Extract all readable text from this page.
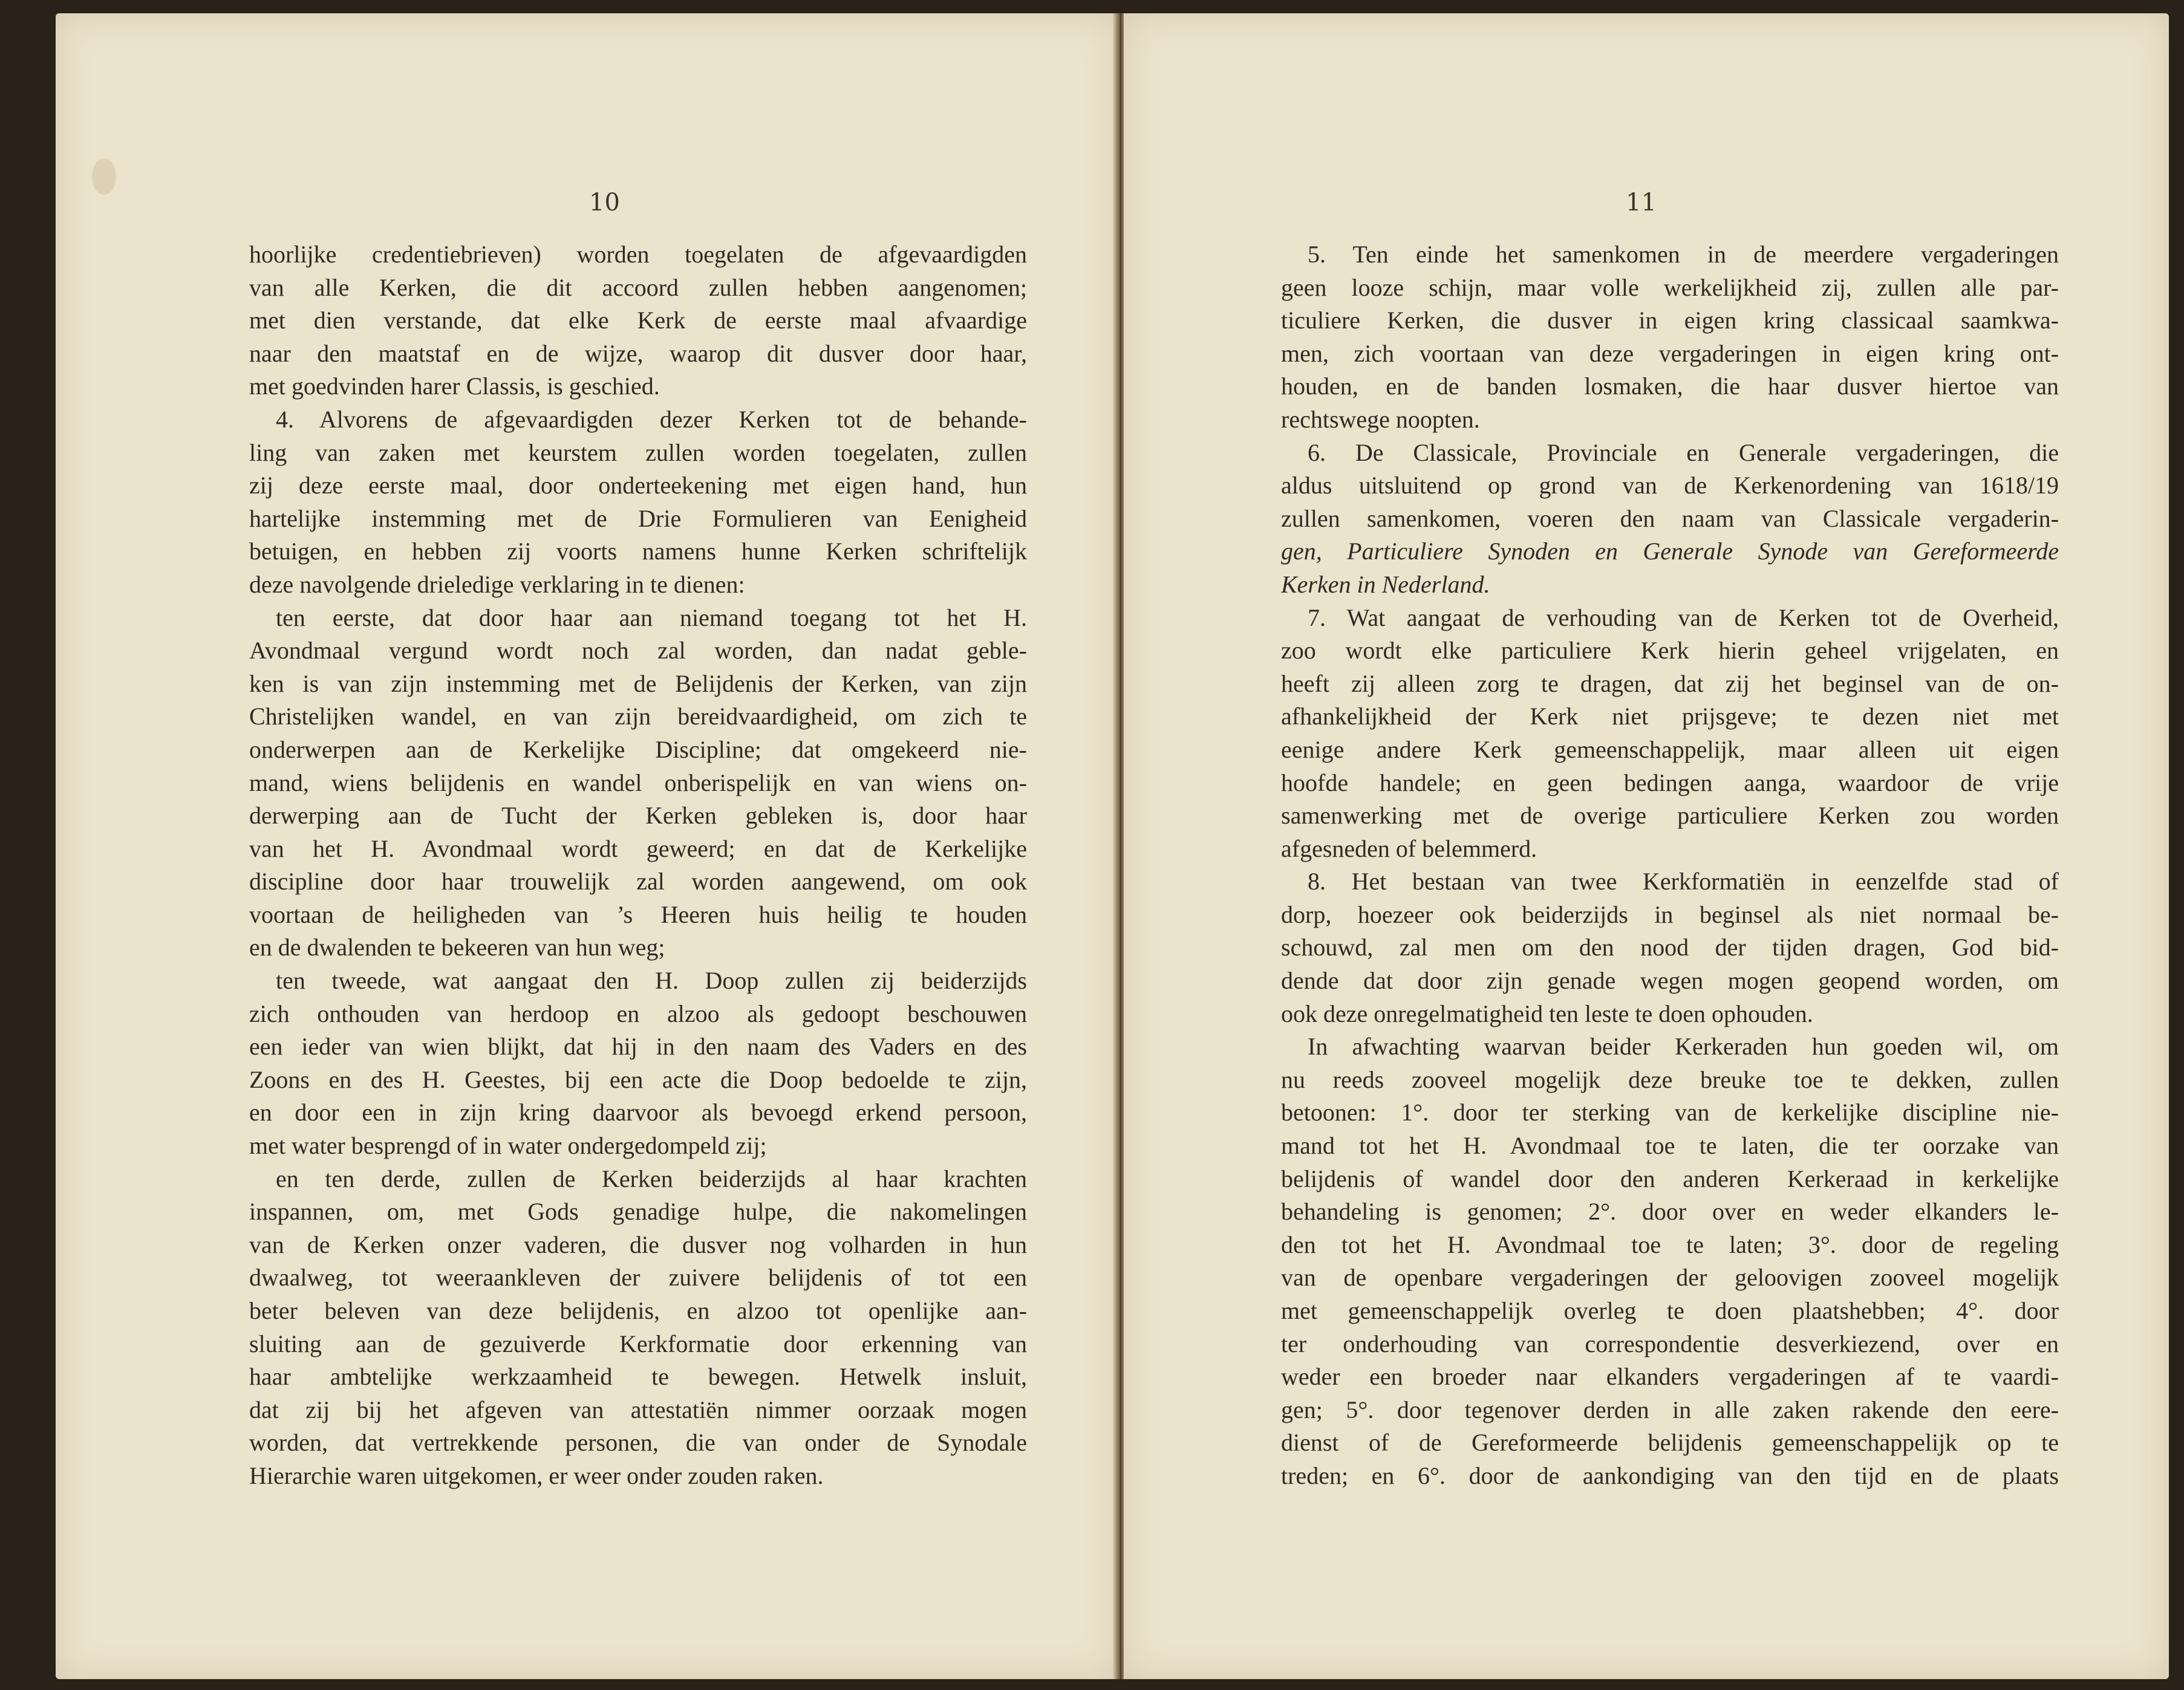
10
hoorlijke credentiebrieven) worden toegelaten de afgevaardigden
van alle Kerken, die dit accoord zullen hebben aangenomen;
met dien verstande, dat elke Kerk de eerste maal afvaardige
naar den maatstaf en de wijze, waarop dit dusver door haar,
met goedvinden harer Classis, is geschied.
4. Alvorens de afgevaardigden dezer Kerken tot de behande-
ling van zaken met keurstem zullen worden toegelaten, zullen
zij deze eerste maal, door onderteekening met eigen hand, hun
hartelijke instemming met de Drie Formulieren van Eenigheid
betuigen, en hebben zij voorts namens hunne Kerken schriftelijk
deze navolgende drieledige verklaring in te dienen:
ten eerste, dat door haar aan niemand toegang tot het H.
Avondmaal vergund wordt noch zal worden, dan nadat geble-
ken is van zijn instemming met de Belijdenis der Kerken, van zijn
Christelijken wandel, en van zijn bereidvaardigheid, om zich te
onderwerpen aan de Kerkelijke Discipline; dat omgekeerd nie-
mand, wiens belijdenis en wandel onberispelijk en van wiens on-
derwerping aan de Tucht der Kerken gebleken is, door haar
van het H. Avondmaal wordt geweerd; en dat de Kerkelijke
discipline door haar trouwelijk zal worden aangewend, om ook
voortaan de heiligheden van ’s Heeren huis heilig te houden
en de dwalenden te bekeeren van hun weg;
ten tweede, wat aangaat den H. Doop zullen zij beiderzijds
zich onthouden van herdoop en alzoo als gedoopt beschouwen
een ieder van wien blijkt, dat hij in den naam des Vaders en des
Zoons en des H. Geestes, bij een acte die Doop bedoelde te zijn,
en door een in zijn kring daarvoor als bevoegd erkend persoon,
met water besprengd of in water ondergedompeld zij;
en ten derde, zullen de Kerken beiderzijds al haar krachten
inspannen, om, met Gods genadige hulpe, die nakomelingen
van de Kerken onzer vaderen, die dusver nog volharden in hun
dwaalweg, tot weeraankleven der zuivere belijdenis of tot een
beter beleven van deze belijdenis, en alzoo tot openlijke aan-
sluiting aan de gezuiverde Kerkformatie door erkenning van
haar ambtelijke werkzaamheid te bewegen. Hetwelk insluit,
dat zij bij het afgeven van attestatiën nimmer oorzaak mogen
worden, dat vertrekkende personen, die van onder de Synodale
Hierarchie waren uitgekomen, er weer onder zouden raken.
11
5. Ten einde het samenkomen in de meerdere vergaderingen
geen looze schijn, maar volle werkelijkheid zij, zullen alle par-
ticuliere Kerken, die dusver in eigen kring classicaal saamkwa-
men, zich voortaan van deze vergaderingen in eigen kring ont-
houden, en de banden losmaken, die haar dusver hiertoe van
rechtswege noopten.
6. De Classicale, Provinciale en Generale vergaderingen, die
aldus uitsluitend op grond van de Kerkenordening van 1618/19
zullen samenkomen, voeren den naam van Classicale vergaderin-
gen, Particuliere Synoden en Generale Synode van Gereformeerde
Kerken in Nederland.
7. Wat aangaat de verhouding van de Kerken tot de Overheid,
zoo wordt elke particuliere Kerk hierin geheel vrijgelaten, en
heeft zij alleen zorg te dragen, dat zij het beginsel van de on-
afhankelijkheid der Kerk niet prijsgeve; te dezen niet met
eenige andere Kerk gemeenschappelijk, maar alleen uit eigen
hoofde handele; en geen bedingen aanga, waardoor de vrije
samenwerking met de overige particuliere Kerken zou worden
afgesneden of belemmerd.
8. Het bestaan van twee Kerkformatiën in eenzelfde stad of
dorp, hoezeer ook beiderzijds in beginsel als niet normaal be-
schouwd, zal men om den nood der tijden dragen, God bid-
dende dat door zijn genade wegen mogen geopend worden, om
ook deze onregelmatigheid ten leste te doen ophouden.
In afwachting waarvan beider Kerkeraden hun goeden wil, om
nu reeds zooveel mogelijk deze breuke toe te dekken, zullen
betoonen: 1°. door ter sterking van de kerkelijke discipline nie-
mand tot het H. Avondmaal toe te laten, die ter oorzake van
belijdenis of wandel door den anderen Kerkeraad in kerkelijke
behandeling is genomen; 2°. door over en weder elkanders le-
den tot het H. Avondmaal toe te laten; 3°. door de regeling
van de openbare vergaderingen der geloovigen zooveel mogelijk
met gemeenschappelijk overleg te doen plaatshebben; 4°. door
ter onderhouding van correspondentie desverkiezend, over en
weder een broeder naar elkanders vergaderingen af te vaardi-
gen; 5°. door tegenover derden in alle zaken rakende den eere-
dienst of de Gereformeerde belijdenis gemeenschappelijk op te
treden; en 6°. door de aankondiging van den tijd en de plaats
